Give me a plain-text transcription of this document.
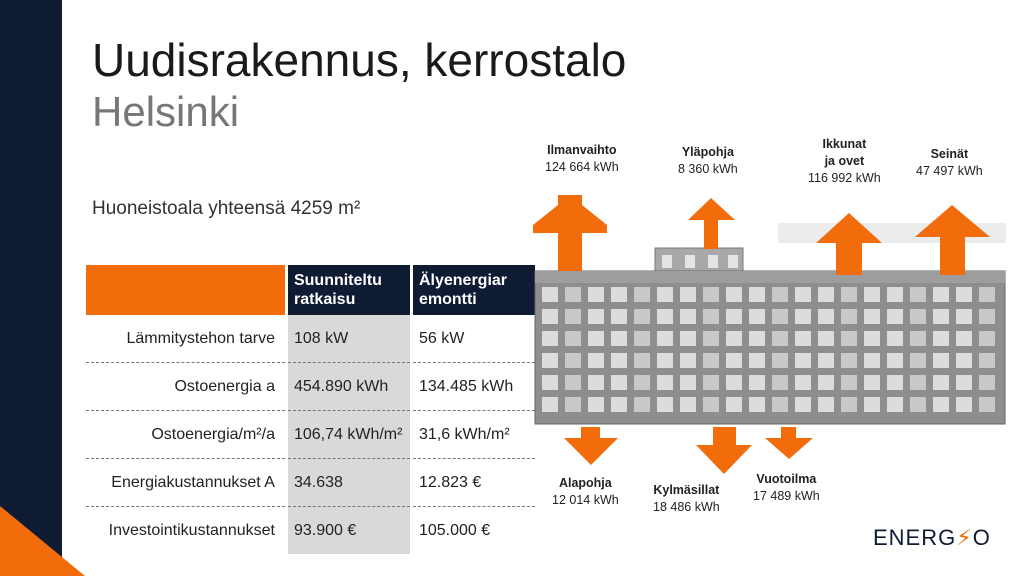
Uudisrakennus, kerrostalo
Helsinki
Huoneistoala yhteensä 4259 m²
	Suunniteltu ratkaisu	Älyenergiar emontti
Lämmitystehon tarve	108 kW	56 kW
Ostoenergia a	454.890 kWh	134.485 kWh
Ostoenergia/m²/a	106,74 kWh/m²	31,6 kWh/m²
Energiakustannukset A	34.638	12.823 €
Investointikustannukset	93.900 €	105.000 €
Ilmanvaihto
124 664 kWh
Yläpohja
8 360 kWh
Ikkunat
ja ovet
116 992 kWh
Seinät
47 497 kWh
Alapohja
12 014 kWh
Kylmäsillat
18 486 kWh
Vuotoilma
17 489 kWh
ENERG⚡O
